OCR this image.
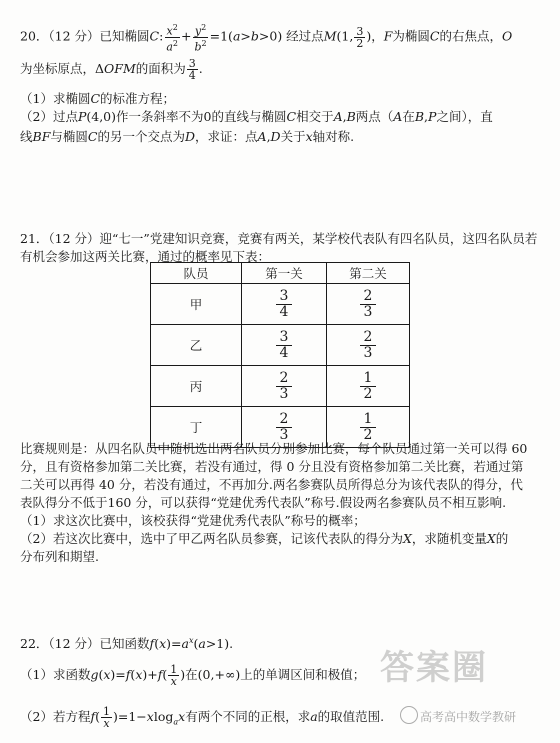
20．（12 分）已知椭圆C: $\frac{x^2}{a^2} + \frac{y^2}{b^2} =1(a>b>0)$ 经过点M(1, $\frac{3}{2}$ )，F为椭圆C的右焦点，O
为坐标原点，ΔOFM的面积为 $\frac{3}{4}$ .
（1）求椭圆C的标准方程；
（2）过点P(4,0)作一条斜率不为0的直线与椭圆C相交于A,B两点（A在B,P之间），直
线BF与椭圆C的另一个交点为D，求证：点A,D关于x轴对称.
21．（12 分）迎“七一”党建知识竞赛，竞赛有两关，某学校代表队有四名队员，这四名队员若
有机会参加这两关比赛，通过的概率见下表：
队员	第一关	第二关
甲	$\frac{3}{4}$	$\frac{2}{3}$

乙	$\frac{3}{4}$	$\frac{2}{3}$

丙	$\frac{2}{3}$	$\frac{1}{2}$

丁	$\frac{2}{3}$	$\frac{1}{2}$
比赛规则是：从四名队员中随机选出两名队员分别参加比赛，每个队员通过第一关可以得 60
分，且有资格参加第二关比赛，若没有通过，得 0 分且没有资格参加第二关比赛，若通过第
二关可以再得 40 分，若没有通过，不再加分.两名参赛队员所得总分为该代表队的得分，代
表队得分不低于160 分，可以获得“党建优秀代表队”称号.假设两名参赛队员不相互影响.
（1）求这次比赛中，该校获得“党建优秀代表队”称号的概率；
（2）若这次比赛中，选中了甲乙两名队员参赛，记该代表队的得分为X，求随机变量X的
分布列和期望.
22．（12 分）已知函数$f(x)=a^x(a>1)$.
（1）求函数$g(x)=f(x)+f( \frac{1}{x}$ )在(0,+∞)上的单调区间和极值；
（2）若方程$f( \frac{1}{x} )=1-xlog_ax$有两个不同的正根，求a的取值范围.
答案圈
高考高中数学教研
